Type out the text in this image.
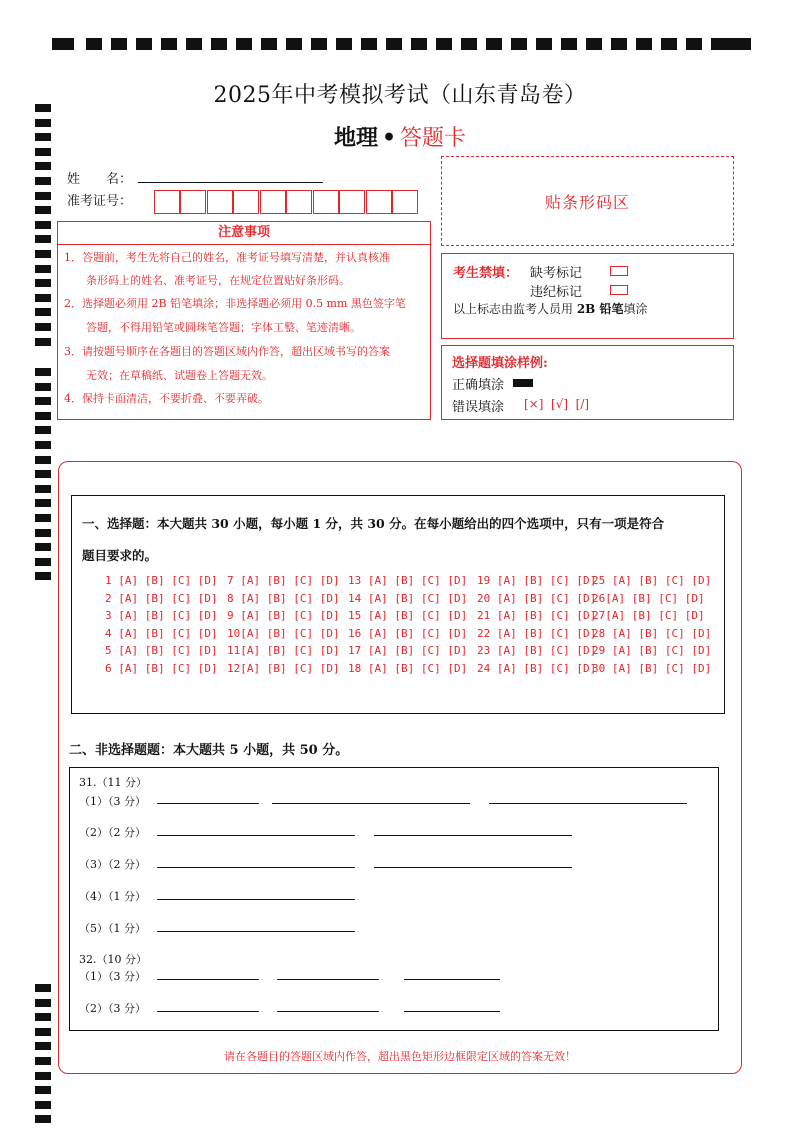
2025年中考模拟考试（山东青岛卷）
地理 • 答题卡
姓　　名：
准考证号：	贴条形码区
注意事项
1．答题前，考生先将自己的姓名，准考证号填写清楚，并认真核准
　　条形码上的姓名、准考证号，在规定位置贴好条形码。
2．选择题必须用 2B 铅笔填涂；非选择题必须用 0.5 mm 黑色签字笔
　　答题，不得用铅笔或圆珠笔答题；字体工整、笔迹清晰。
3．请按题号顺序在各题目的答题区域内作答，超出区域书写的答案
　　无效；在草稿纸、试题卷上答题无效。
4．保持卡面清洁，不要折叠、不要弄破。
考生禁填： 缺考标记
违纪标记
以上标志由监考人员用 2B 铅笔填涂
选择题填涂样例:
正确填涂
错误填涂 [×]  [√]  [/]
一、选择题：本大题共 30 小题，每小题 1 分，共 30 分。在每小题给出的四个选项中，只有一项是符合
题目要求的。
1 [A] [B] [C] [D]
2 [A] [B] [C] [D]
3 [A] [B] [C] [D]
4 [A] [B] [C] [D]
5 [A] [B] [C] [D]
6 [A] [B] [C] [D]
7 [A] [B] [C] [D]
8 [A] [B] [C] [D]
9 [A] [B] [C] [D]
10[A] [B] [C] [D]
11[A] [B] [C] [D]
12[A] [B] [C] [D]
13 [A] [B] [C] [D]
14 [A] [B] [C] [D]
15 [A] [B] [C] [D]
16 [A] [B] [C] [D]
17 [A] [B] [C] [D]
18 [A] [B] [C] [D]
19 [A] [B] [C] [D]
20 [A] [B] [C] [D]
21 [A] [B] [C] [D]
22 [A] [B] [C] [D]
23 [A] [B] [C] [D]
24 [A] [B] [C] [D]
25 [A] [B] [C] [D]
26[A] [B] [C] [D]
27[A] [B] [C] [D]
28 [A] [B] [C] [D]
29 [A] [B] [C] [D]
30 [A] [B] [C] [D]
二、非选择题题：本大题共 5 小题，共 50 分。
31.（11 分）
（1）（3 分）
（2）（2 分）
（3）（2 分）
（4）（1 分）
（5）（1 分）
32.（10 分）
（1）（3 分）
（2）（3 分）
请在各题目的答题区域内作答，超出黑色矩形边框限定区域的答案无效！
